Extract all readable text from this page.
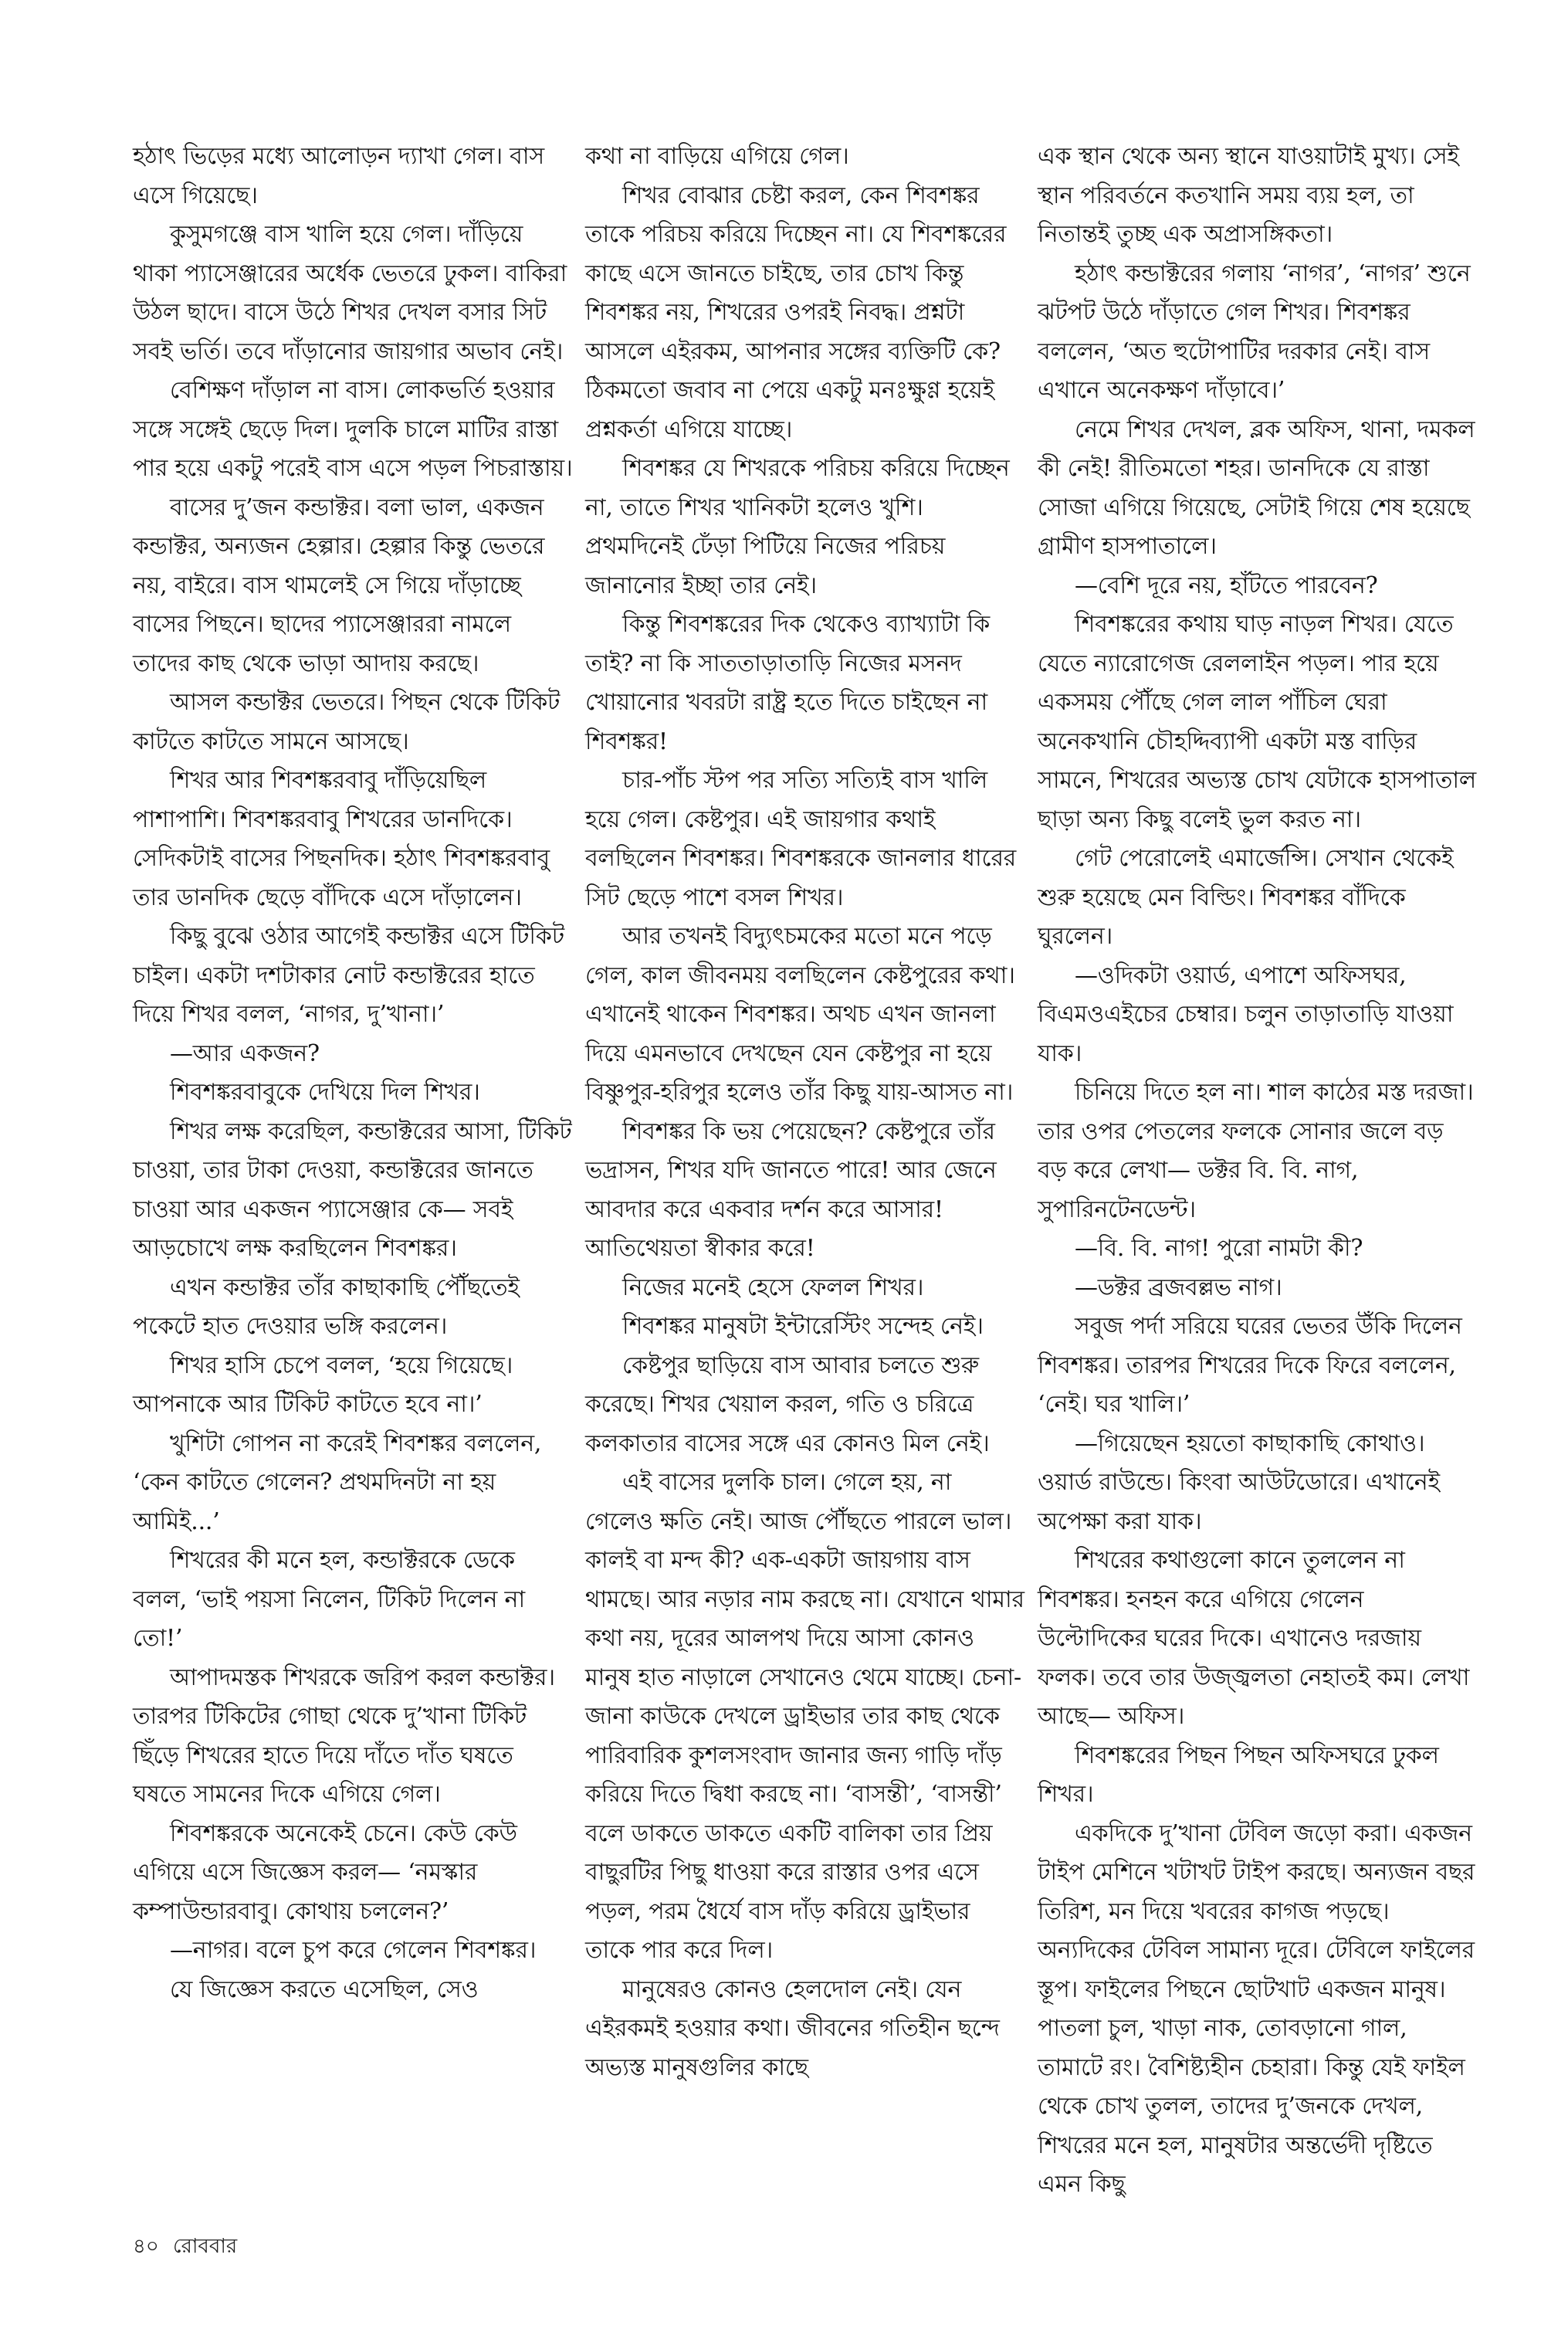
হঠাৎ ভিড়ের মধ্যে আলোড়ন দ্যাখা গেল। বাস এসে গিয়েছে।

কুসুমগঞ্জে বাস খালি হয়ে গেল। দাঁড়িয়ে থাকা প্যাসেঞ্জারের অর্ধেক ভেতরে ঢুকল। বাকিরা উঠল ছাদে। বাসে উঠে শিখর দেখল বসার সিট সবই ভর্তি। তবে দাঁড়ানোর জায়গার অভাব নেই।

বেশিক্ষণ দাঁড়াল না বাস। লোকভর্তি হওয়ার সঙ্গে সঙ্গেই ছেড়ে দিল। দুলকি চালে মাটির রাস্তা পার হয়ে একটু পরেই বাস এসে পড়ল পিচরাস্তায়।

বাসের দু’জন কন্ডাক্টর। বলা ভাল, একজন কন্ডাক্টর, অন্যজন হেল্পার। হেল্পার কিন্তু ভেতরে নয়, বাইরে। বাস থামলেই সে গিয়ে দাঁড়াচ্ছে বাসের পিছনে। ছাদের প্যাসেঞ্জাররা নামলে তাদের কাছ থেকে ভাড়া আদায় করছে।

আসল কন্ডাক্টর ভেতরে। পিছন থেকে টিকিট কাটতে কাটতে সামনে আসছে।

শিখর আর শিবশঙ্করবাবু দাঁড়িয়েছিল পাশাপাশি। শিবশঙ্করবাবু শিখরের ডানদিকে। সেদিকটাই বাসের পিছনদিক। হঠাৎ শিবশঙ্করবাবু তার ডানদিক ছেড়ে বাঁদিকে এসে দাঁড়ালেন।

কিছু বুঝে ওঠার আগেই কন্ডাক্টর এসে টিকিট চাইল। একটা দশটাকার নোট কন্ডাক্টরের হাতে দিয়ে শিখর বলল, ‘নাগর, দু’খানা।’

—আর একজন?

শিবশঙ্করবাবুকে দেখিয়ে দিল শিখর।

শিখর লক্ষ করেছিল, কন্ডাক্টরের আসা, টিকিট চাওয়া, তার টাকা দেওয়া, কন্ডাক্টরের জানতে চাওয়া আর একজন প্যাসেঞ্জার কে— সবই আড়চোখে লক্ষ করছিলেন শিবশঙ্কর।

এখন কন্ডাক্টর তাঁর কাছাকাছি পৌঁছতেই পকেটে হাত দেওয়ার ভঙ্গি করলেন।

শিখর হাসি চেপে বলল, ‘হয়ে গিয়েছে। আপনাকে আর টিকিট কাটতে হবে না।’

খুশিটা গোপন না করেই শিবশঙ্কর বললেন, ‘কেন কাটতে গেলেন? প্রথমদিনটা না হয় আমিই...’

শিখরের কী মনে হল, কন্ডাক্টরকে ডেকে বলল, ‘ভাই পয়সা নিলেন, টিকিট দিলেন না তো!’

আপাদমস্তক শিখরকে জরিপ করল কন্ডাক্টর। তারপর টিকিটের গোছা থেকে দু’খানা টিকিট ছিঁড়ে শিখরের হাতে দিয়ে দাঁতে দাঁত ঘষতে ঘষতে সামনের দিকে এগিয়ে গেল।

শিবশঙ্করকে অনেকেই চেনে। কেউ কেউ এগিয়ে এসে জিজ্ঞেস করল— ‘নমস্কার কম্পাউন্ডারবাবু। কোথায় চললেন?’

—নাগর। বলে চুপ করে গেলেন শিবশঙ্কর।

যে জিজ্ঞেস করতে এসেছিল, সেও

কথা না বাড়িয়ে এগিয়ে গেল।

শিখর বোঝার চেষ্টা করল, কেন শিবশঙ্কর তাকে পরিচয় করিয়ে দিচ্ছেন না। যে শিবশঙ্করের কাছে এসে জানতে চাইছে, তার চোখ কিন্তু শিবশঙ্কর নয়, শিখরের ওপরই নিবদ্ধ। প্রশ্নটা আসলে এইরকম, আপনার সঙ্গের ব্যক্তিটি কে? ঠিকমতো জবাব না পেয়ে একটু মনঃক্ষুণ্ণ হয়েই প্রশ্নকর্তা এগিয়ে যাচ্ছে।

শিবশঙ্কর যে শিখরকে পরিচয় করিয়ে দিচ্ছেন না, তাতে শিখর খানিকটা হলেও খুশি। প্রথমদিনেই ঢেঁড়া পিটিয়ে নিজের পরিচয় জানানোর ইচ্ছা তার নেই।

কিন্তু শিবশঙ্করের দিক থেকেও ব্যাখ্যাটা কি তাই? না কি সাততাড়াতাড়ি নিজের মসনদ খোয়ানোর খবরটা রাষ্ট্র হতে দিতে চাইছেন না শিবশঙ্কর!

চার-পাঁচ স্টপ পর সত্যি সত্যিই বাস খালি হয়ে গেল। কেষ্টপুর। এই জায়গার কথাই বলছিলেন শিবশঙ্কর। শিবশঙ্করকে জানলার ধারের সিট ছেড়ে পাশে বসল শিখর।

আর তখনই বিদ্যুৎচমকের মতো মনে পড়ে গেল, কাল জীবনময় বলছিলেন কেষ্টপুরের কথা। এখানেই থাকেন শিবশঙ্কর। অথচ এখন জানলা দিয়ে এমনভাবে দেখছেন যেন কেষ্টপুর না হয়ে বিষ্ণুপুর-হরিপুর হলেও তাঁর কিছু যায়-আসত না।

শিবশঙ্কর কি ভয় পেয়েছেন? কেষ্টপুরে তাঁর ভদ্রাসন, শিখর যদি জানতে পারে! আর জেনে আবদার করে একবার দর্শন করে আসার! আতিথেয়তা স্বীকার করে!

নিজের মনেই হেসে ফেলল শিখর।

শিবশঙ্কর মানুষটা ইন্টারেস্টিং সন্দেহ নেই।

কেষ্টপুর ছাড়িয়ে বাস আবার চলতে শুরু করেছে। শিখর খেয়াল করল, গতি ও চরিত্রে কলকাতার বাসের সঙ্গে এর কোনও মিল নেই।

এই বাসের দুলকি চাল। গেলে হয়, না গেলেও ক্ষতি নেই। আজ পৌঁছতে পারলে ভাল। কালই বা মন্দ কী? এক-একটা জায়গায় বাস থামছে। আর নড়ার নাম করছে না। যেখানে থামার কথা নয়, দূরের আলপথ দিয়ে আসা কোনও মানুষ হাত নাড়ালে সেখানেও থেমে যাচ্ছে। চেনা-জানা কাউকে দেখলে ড্রাইভার তার কাছ থেকে পারিবারিক কুশলসংবাদ জানার জন্য গাড়ি দাঁড় করিয়ে দিতে দ্বিধা করছে না। ‘বাসন্তী’, ‘বাসন্তী’ বলে ডাকতে ডাকতে একটি বালিকা তার প্রিয় বাছুরটির পিছু ধাওয়া করে রাস্তার ওপর এসে পড়ল, পরম ধৈর্যে বাস দাঁড় করিয়ে ড্রাইভার তাকে পার করে দিল।

মানুষেরও কোনও হেলদোল নেই। যেন এইরকমই হওয়ার কথা। জীবনের গতিহীন ছন্দে অভ্যস্ত মানুষগুলির কাছে

এক স্থান থেকে অন্য স্থানে যাওয়াটাই মুখ্য। সেই স্থান পরিবর্তনে কতখানি সময় ব্যয় হল, তা নিতান্তই তুচ্ছ এক অপ্রাসঙ্গিকতা।

হঠাৎ কন্ডাক্টরের গলায় ‘নাগর’, ‘নাগর’ শুনে ঝটপট উঠে দাঁড়াতে গেল শিখর। শিবশঙ্কর বললেন, ‘অত হুটোপাটির দরকার নেই। বাস এখানে অনেকক্ষণ দাঁড়াবে।’

নেমে শিখর দেখল, ব্লক অফিস, থানা, দমকল কী নেই! রীতিমতো শহর। ডানদিকে যে রাস্তা সোজা এগিয়ে গিয়েছে, সেটাই গিয়ে শেষ হয়েছে গ্রামীণ হাসপাতালে।

—বেশি দূরে নয়, হাঁটতে পারবেন?

শিবশঙ্করের কথায় ঘাড় নাড়ল শিখর। যেতে যেতে ন্যারোগেজ রেললাইন পড়ল। পার হয়ে একসময় পৌঁছে গেল লাল পাঁচিল ঘেরা অনেকখানি চৌহদ্দিব্যাপী একটা মস্ত বাড়ির সামনে, শিখরের অভ্যস্ত চোখ যেটাকে হাসপাতাল ছাড়া অন্য কিছু বলেই ভুল করত না।

গেট পেরোলেই এমার্জেন্সি। সেখান থেকেই শুরু হয়েছে মেন বিল্ডিং। শিবশঙ্কর বাঁদিকে ঘুরলেন।

—ওদিকটা ওয়ার্ড, এপাশে অফিসঘর, বিএমওএইচের চেম্বার। চলুন তাড়াতাড়ি যাওয়া যাক।

চিনিয়ে দিতে হল না। শাল কাঠের মস্ত দরজা। তার ওপর পেতলের ফলকে সোনার জলে বড় বড় করে লেখা— ডক্টর বি. বি. নাগ, সুপারিনটেনডেন্ট।

—বি. বি. নাগ! পুরো নামটা কী?

—ডক্টর ব্রজবল্লভ নাগ।

সবুজ পর্দা সরিয়ে ঘরের ভেতর উঁকি দিলেন শিবশঙ্কর। তারপর শিখরের দিকে ফিরে বললেন, ‘নেই। ঘর খালি।’

—গিয়েছেন হয়তো কাছাকাছি কোথাও। ওয়ার্ড রাউন্ডে। কিংবা আউটডোরে। এখানেই অপেক্ষা করা যাক।

শিখরের কথাগুলো কানে তুললেন না শিবশঙ্কর। হনহন করে এগিয়ে গেলেন উল্টোদিকের ঘরের দিকে। এখানেও দরজায় ফলক। তবে তার উজ্জ্বলতা নেহাতই কম। লেখা আছে— অফিস।

শিবশঙ্করের পিছন পিছন অফিসঘরে ঢুকল শিখর।

একদিকে দু’খানা টেবিল জড়ো করা। একজন টাইপ মেশিনে খটাখট টাইপ করছে। অন্যজন বছর তিরিশ, মন দিয়ে খবরের কাগজ পড়ছে। অন্যদিকের টেবিল সামান্য দূরে। টেবিলে ফাইলের স্তূপ। ফাইলের পিছনে ছোটখাট একজন মানুষ। পাতলা চুল, খাড়া নাক, তোবড়ানো গাল, তামাটে রং। বৈশিষ্ট্যহীন চেহারা। কিন্তু যেই ফাইল থেকে চোখ তুলল, তাদের দু’জনকে দেখল, শিখরের মনে হল, মানুষটার অন্তর্ভেদী দৃষ্টিতে এমন কিছু

৪০ রোববার
